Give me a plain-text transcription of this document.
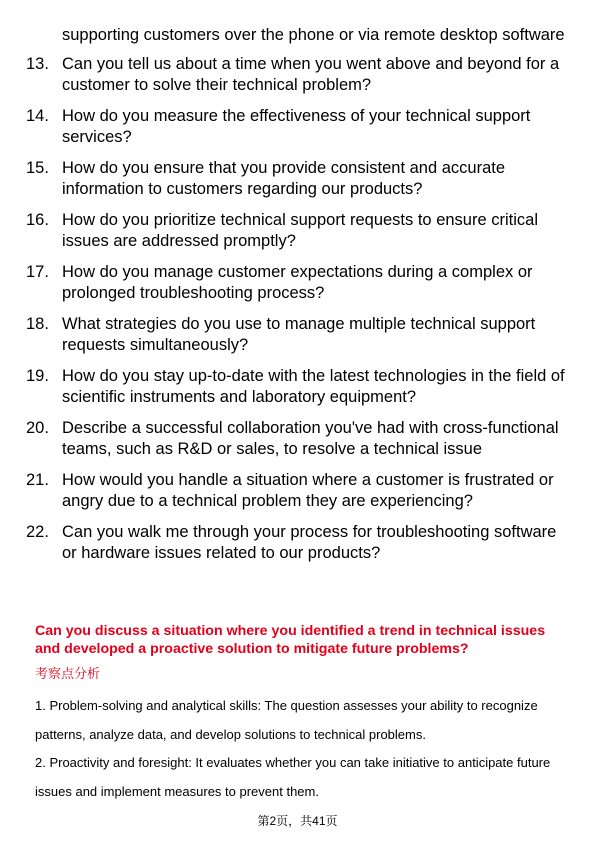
supporting customers over the phone or via remote desktop software
13. Can you tell us about a time when you went above and beyond for a customer to solve their technical problem?
14. How do you measure the effectiveness of your technical support services?
15. How do you ensure that you provide consistent and accurate information to customers regarding our products?
16. How do you prioritize technical support requests to ensure critical issues are addressed promptly?
17. How do you manage customer expectations during a complex or prolonged troubleshooting process?
18. What strategies do you use to manage multiple technical support requests simultaneously?
19. How do you stay up-to-date with the latest technologies in the field of scientific instruments and laboratory equipment?
20. Describe a successful collaboration you've had with cross-functional teams, such as R&D or sales, to resolve a technical issue
21. How would you handle a situation where a customer is frustrated or angry due to a technical problem they are experiencing?
22. Can you walk me through your process for troubleshooting software or hardware issues related to our products?

Can you discuss a situation where you identified a trend in technical issues and developed a proactive solution to mitigate future problems?

考察点分析

1. Problem-solving and analytical skills: The question assesses your ability to recognize patterns, analyze data, and develop solutions to technical problems.

2. Proactivity and foresight: It evaluates whether you can take initiative to anticipate future issues and implement measures to prevent them.

第2页，共41页
